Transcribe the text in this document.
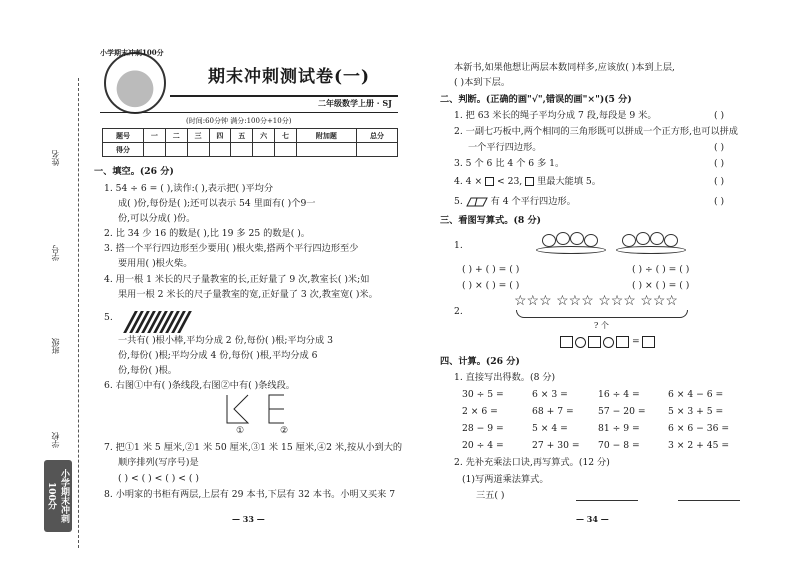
姓名
学号
班级
学校
小学期末冲刺100分
小学期末冲刺100分
期末冲刺测试卷(一)
二年级数学上册 · SJ
(时间:60分钟 满分:100分+10分)
题号	一	二	三	四	五	六	七	附加题	总分
得分									
一、填空。(26 分)
1. 54 ÷ 6 = ( ),读作:( ),表示把( )平均分
成( )份,每份是( );还可以表示 54 里面有( )个9一
份,可以分成( )份。
2. 比 34 少 16 的数是( ),比 19 多 25 的数是( )。
3. 搭一个平行四边形至少要用( )根火柴,搭两个平行四边形至少
要用用( )根火柴。
4. 用一根 1 米长的尺子量教室的长,正好量了 9 次,教室长( )米;如
果用一根 2 米长的尺子量教室的宽,正好量了 3 次,教室宽( )米。
5.
一共有( )根小棒,平均分成 2 份,每份( )根;平均分成 3
份,每份( )根;平均分成 4 份,每份( )根,平均分成 6
份,每份( )根。
6. 右图①中有( )条线段,右图②中有( )条线段。
①	②
7. 把①1 米 5 厘米,②1 米 50 厘米,③1 米 15 厘米,④2 米,按从小到大的
顺序排列(写序号)是
( ) < ( ) < ( ) < ( )
8. 小明家的书柜有两层,上层有 29 本书,下层有 32 本书。小明又买来 7
— 33 —
本新书,如果他想让两层本数同样多,应该放( )本到上层,
( )本到下层。
二、判断。(正确的画"√",错误的画"×")(5 分)
1. 把 63 米长的绳子平均分成 7 段,每段是 9 米。	( )
2. 一副七巧板中,两个相同的三角形既可以拼成一个正方形,也可以拼成
一个平行四边形。	( )
3. 5 个 6 比 4 个 6 多 1。	( )
4. 4 × < 23, 里最大能填 5。	( )
5.	有 4 个平行四边形。	( )
三、看图写算式。(8 分)
1.
( ) + ( ) = ( )	( ) ÷ ( ) = ( )
( ) × ( ) = ( )	( ) × ( ) = ( )
2.
☆☆☆ ☆☆☆ ☆☆☆ ☆☆☆
? 个
=
四、计算。(26 分)
1. 直接写出得数。(8 分)
30 ÷ 5 =	6 × 3 =	16 ÷ 4 =	6 × 4 − 6 =
2 × 6 =	68 + 7 =	57 − 20 = 5 × 3 + 5 =
28 − 9 =	5 × 4 =	81 ÷ 9 =	6 × 6 − 36 =
20 ÷ 4 =	27 + 30 = 70 − 8 =	3 × 2 + 45 =
2. 先补充乘法口诀,再写算式。(12 分)
(1)写两道乘法算式。
三五( )
— 34 —
